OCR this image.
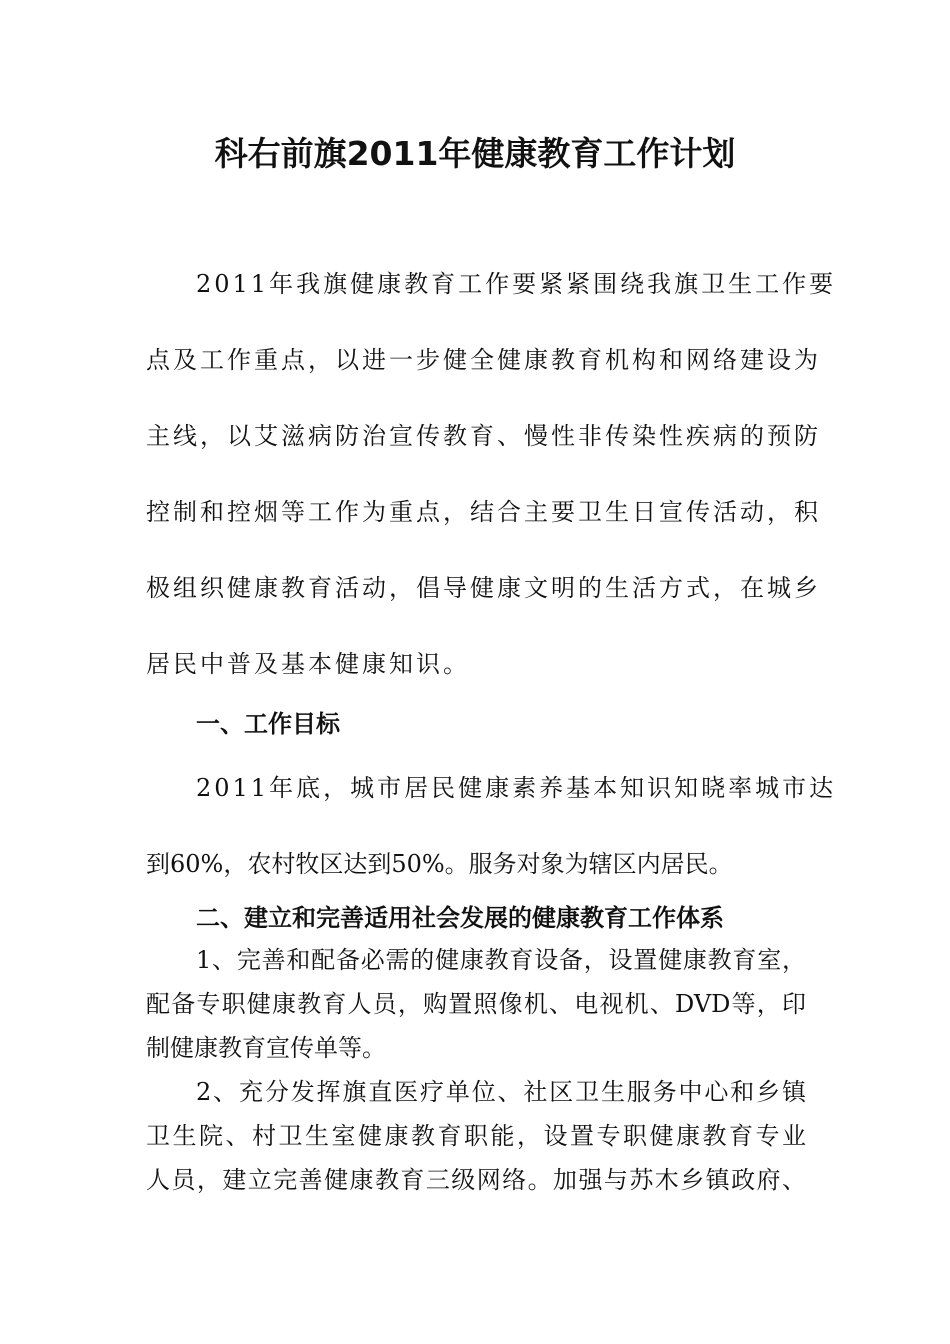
科右前旗2011年健康教育工作计划
2011年我旗健康教育工作要紧紧围绕我旗卫生工作要
点及工作重点，以进一步健全健康教育机构和网络建设为
主线，以艾滋病防治宣传教育、慢性非传染性疾病的预防
控制和控烟等工作为重点，结合主要卫生日宣传活动，积
极组织健康教育活动，倡导健康文明的生活方式，在城乡
居民中普及基本健康知识。
一、工作目标
2011年底，城市居民健康素养基本知识知晓率城市达
到60%，农村牧区达到50%。服务对象为辖区内居民。
二、建立和完善适用社会发展的健康教育工作体系
1、完善和配备必需的健康教育设备，设置健康教育室，
配备专职健康教育人员，购置照像机、电视机、DVD等，印
制健康教育宣传单等。
2、充分发挥旗直医疗单位、社区卫生服务中心和乡镇
卫生院、村卫生室健康教育职能，设置专职健康教育专业
人员，建立完善健康教育三级网络。加强与苏木乡镇政府、
